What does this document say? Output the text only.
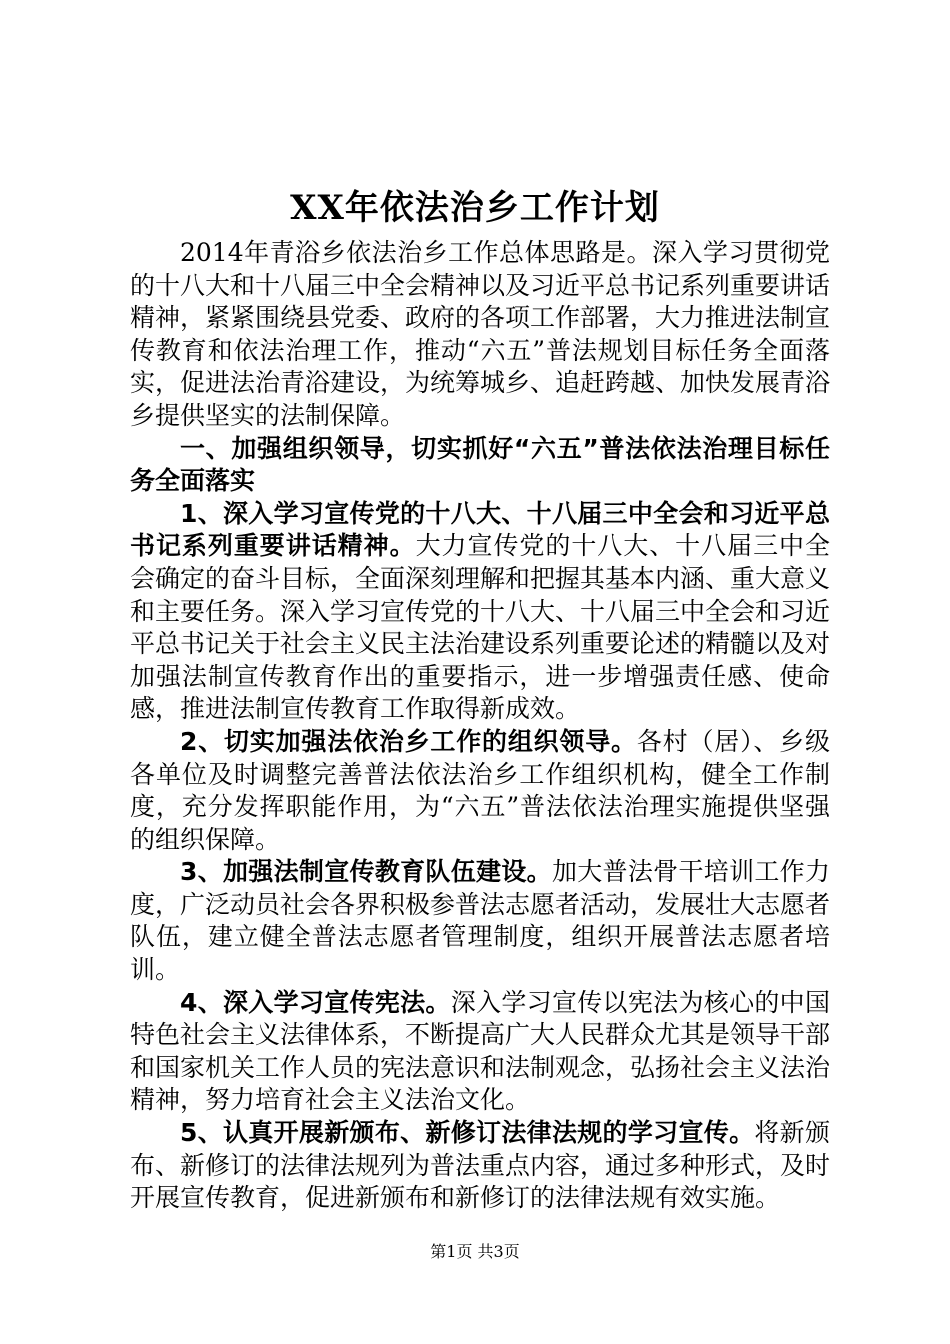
XX年依法治乡工作计划

2014年青浴乡依法治乡工作总体思路是。深入学习贯彻党的十八大和十八届三中全会精神以及习近平总书记系列重要讲话精神，紧紧围绕县党委、政府的各项工作部署，大力推进法制宣传教育和依法治理工作，推动“六五”普法规划目标任务全面落实，促进法治青浴建设，为统筹城乡、追赶跨越、加快发展青浴乡提供坚实的法制保障。

一、加强组织领导，切实抓好“六五”普法依法治理目标任务全面落实

1、深入学习宣传党的十八大、十八届三中全会和习近平总书记系列重要讲话精神。大力宣传党的十八大、十八届三中全会确定的奋斗目标，全面深刻理解和把握其基本内涵、重大意义和主要任务。深入学习宣传党的十八大、十八届三中全会和习近平总书记关于社会主义民主法治建设系列重要论述的精髓以及对加强法制宣传教育作出的重要指示，进一步增强责任感、使命感，推进法制宣传教育工作取得新成效。

2、切实加强法依治乡工作的组织领导。各村（居）、乡级各单位及时调整完善普法依法治乡工作组织机构，健全工作制度，充分发挥职能作用，为“六五”普法依法治理实施提供坚强的组织保障。

3、加强法制宣传教育队伍建设。加大普法骨干培训工作力度，广泛动员社会各界积极参普法志愿者活动，发展壮大志愿者队伍，建立健全普法志愿者管理制度，组织开展普法志愿者培训。

4、深入学习宣传宪法。深入学习宣传以宪法为核心的中国特色社会主义法律体系，不断提高广大人民群众尤其是领导干部和国家机关工作人员的宪法意识和法制观念，弘扬社会主义法治精神，努力培育社会主义法治文化。

5、认真开展新颁布、新修订法律法规的学习宣传。将新颁布、新修订的法律法规列为普法重点内容，通过多种形式，及时开展宣传教育，促进新颁布和新修订的法律法规有效实施。

第1页 共3页
